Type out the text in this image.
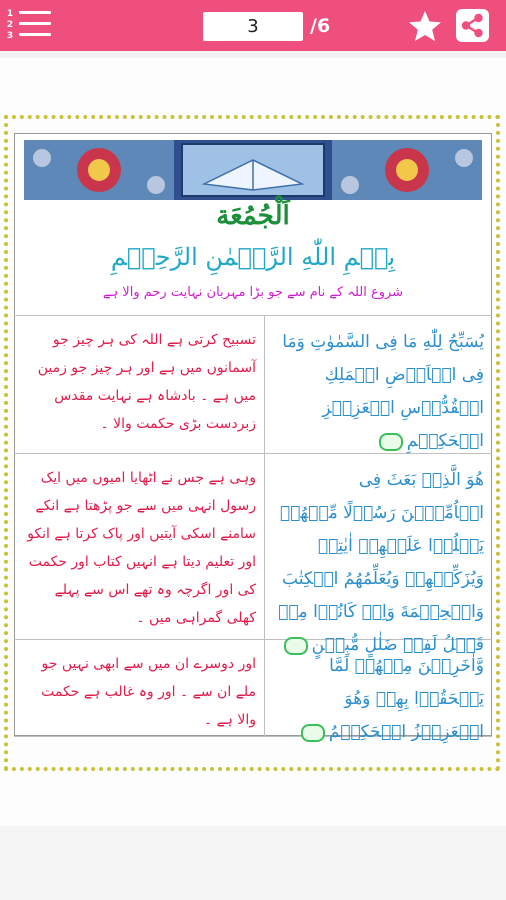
1
2
3	3	/6
اَلْجُمُعَة
بِسۡمِ اللّٰهِ الرَّحۡمٰنِ الرَّحِيۡمِ
شروع اللہ کے نام سے جو بڑا مہربان نہایت رحم والا ہے
يُسَبِّحُ لِلّٰهِ مَا فِى السَّمٰوٰتِ وَمَا فِى الۡاَرۡضِ الۡمَلِكِ الۡقُدُّوۡسِ الۡعَزِيۡزِ الۡحَكِيۡمِ
تسبیح کرتی ہے اللہ کی ہر چیز جو آسمانوں میں ہے اور ہر چیز جو زمین میں ہے ۔ بادشاہ ہے نہایت مقدس زبردست بڑی حکمت والا ۔
هُوَ الَّذِىۡ بَعَثَ فِى الۡاُمِّيّٖنَ رَسُوۡلًا مِّنۡهُمۡ يَتۡلُوۡا عَلَيۡهِمۡ اٰيٰتِهٖ وَيُزَكِّيۡهِمۡ وَيُعَلِّمُهُمُ الۡكِتٰبَ وَالۡحِكۡمَةَ وَاِنۡ كَانُوۡا مِنۡ قَبۡلُ لَفِىۡ ضَلٰلٍ مُّبِيۡنٍ
وہی ہے جس نے اٹھایا امیوں میں ایک رسول انہی میں سے جو پڑھتا ہے انکے سامنے اسکی آیتیں اور پاک کرتا ہے انکو اور تعلیم دیتا ہے انہیں کتاب اور حکمت کی اور اگرچہ وہ تھے اس سے پہلے کھلی گمراہی میں ۔
وَّاٰخَرِيۡنَ مِنۡهُمۡ لَمَّا يَلۡحَقُوۡا بِهِمۡ وَهُوَ الۡعَزِيۡزُ الۡحَكِيۡمُ
اور دوسرے ان میں سے ابھی نہیں جو ملے ان سے ۔ اور وہ غالب ہے حکمت والا ہے ۔
